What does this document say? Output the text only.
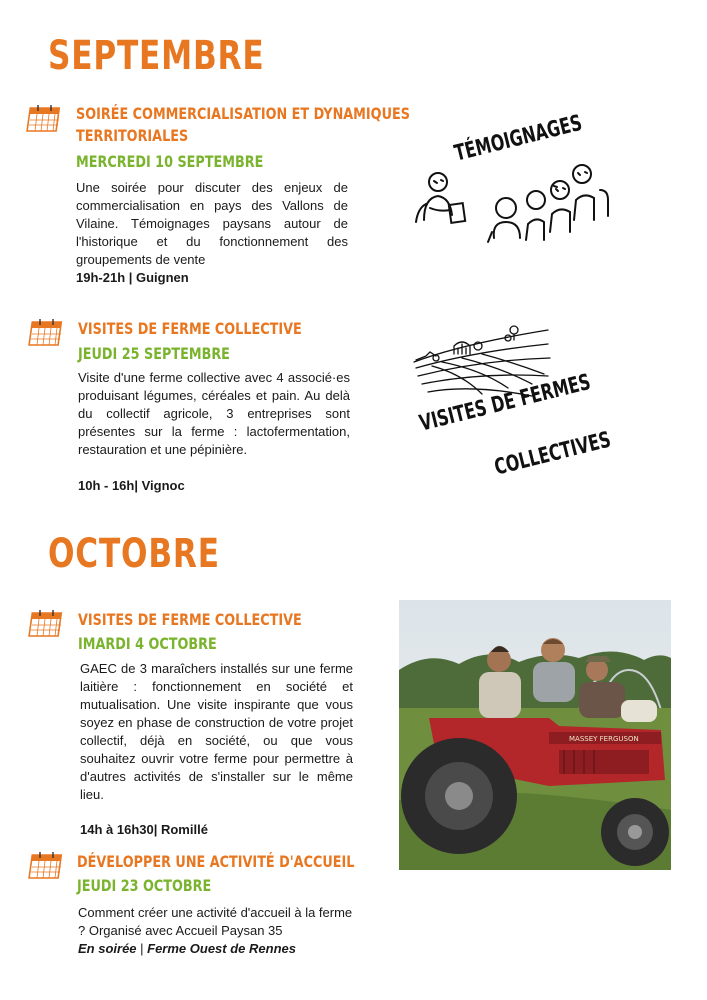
SEPTEMBRE
SOIRÉE COMMERCIALISATION ET DYNAMIQUES
TERRITORIALES
MERCREDI 10 SEPTEMBRE

Une soirée pour discuter des enjeux de commercialisation en pays des Vallons de Vilaine. Témoignages paysans autour de l'historique et du fonctionnement des groupements de vente

19h-21h | Guignen
TÉMOIGNAGES
VISITES DE FERME COLLECTIVE
JEUDI 25 SEPTEMBRE

Visite d'une ferme collective avec 4 associé·es produisant légumes, céréales et pain. Au delà du collectif agricole, 3 entreprises sont présentes sur la ferme : lactofermentation, restauration et une pépinière.

10h - 16h| Vignoc
VISITES DE FERMES
COLLECTIVES
OCTOBRE
VISITES DE FERME COLLECTIVE
IMARDI 4 OCTOBRE

GAEC de 3 maraîchers installés sur une ferme laitière : fonctionnement en société et mutualisation. Une visite inspirante que vous soyez en phase de construction de votre projet collectif, déjà en société, ou que vous souhaitez ouvrir votre ferme pour permettre à d'autres activités de s'installer sur le même lieu.

14h à 16h30| Romillé
MASSEY FERGUSON
DÉVELOPPER UNE ACTIVITÉ D'ACCUEIL
JEUDI 23 OCTOBRE

Comment créer une activité d'accueil à la ferme ? Organisé avec Accueil Paysan 35

En soirée | Ferme Ouest de Rennes
